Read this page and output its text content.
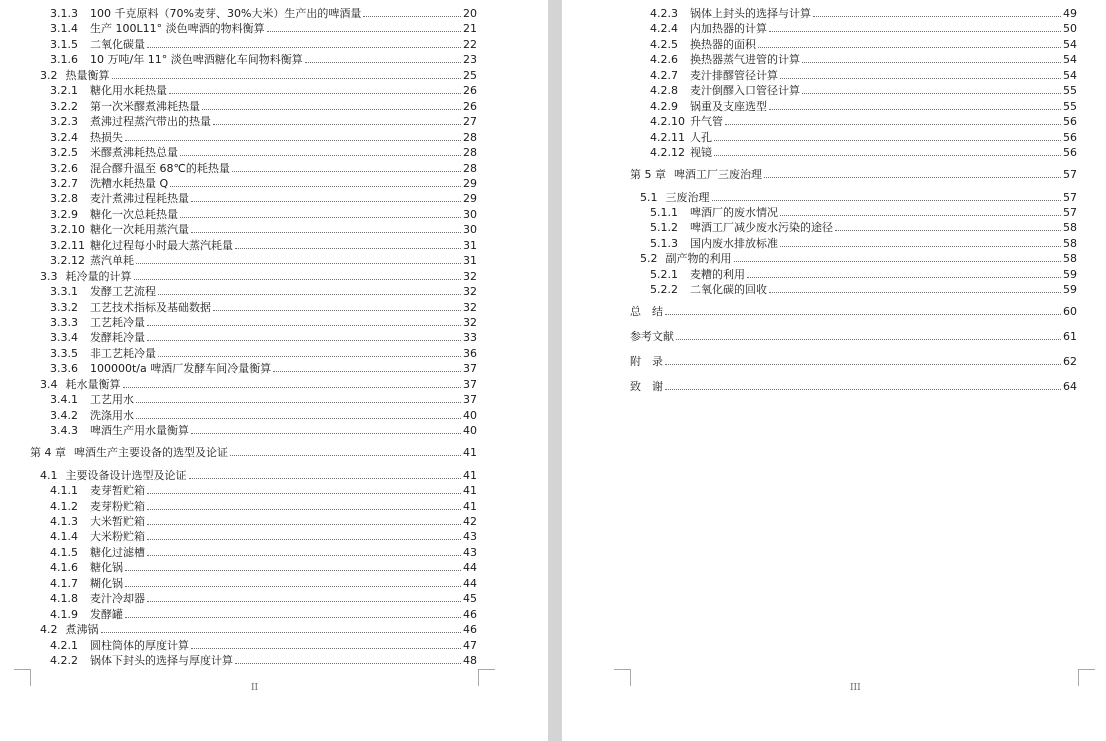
3.1.3	100 千克原料（70%麦芽、30%大米）生产出的啤酒量	20
3.1.4	生产 100L11° 淡色啤酒的物料衡算	21
3.1.5	二氧化碳量	22
3.1.6	10 万吨/年 11° 淡色啤酒糖化车间物料衡算	23
3.2 热量衡算	25
3.2.1	糖化用水耗热量	26
3.2.2	第一次米醪煮沸耗热量	26
3.2.3	煮沸过程蒸汽带出的热量	27
3.2.4	热损失	28
3.2.5	米醪煮沸耗热总量	28
3.2.6	混合醪升温至 68℃的耗热量	28
3.2.7	洗糟水耗热量 Q	29
3.2.8	麦汁煮沸过程耗热量	29
3.2.9	糖化一次总耗热量	30
3.2.10 糖化一次耗用蒸汽量	30
3.2.11 糖化过程每小时最大蒸汽耗量	31
3.2.12 蒸汽单耗	31
3.3 耗冷量的计算	32
3.3.1	发酵工艺流程	32
3.3.2	工艺技术指标及基础数据	32
3.3.3	工艺耗冷量	32
3.3.4	发酵耗冷量	33
3.3.5	非工艺耗冷量	36
3.3.6	100000t/a 啤酒厂发酵车间冷量衡算	37
3.4 耗水量衡算	37
3.4.1	工艺用水	37
3.4.2	洗涤用水	40
3.4.3	啤酒生产用水量衡算	40
第 4 章 啤酒生产主要设备的选型及论证	41
4.1 主要设备设计选型及论证	41
4.1.1	麦芽暂贮箱	41
4.1.2	麦芽粉贮箱	41
4.1.3	大米暂贮箱	42
4.1.4	大米粉贮箱	43
4.1.5	糖化过滤槽	43
4.1.6	糖化锅	44
4.1.7	糊化锅	44
4.1.8	麦汁冷却器	45
4.1.9	发酵罐	46
4.2 煮沸锅	46
4.2.1	圆柱筒体的厚度计算	47
4.2.2	锅体下封头的选择与厚度计算	48
II
4.2.3	锅体上封头的选择与计算	49
4.2.4	内加热器的计算	50
4.2.5	换热器的面积	54
4.2.6	换热器蒸气进管的计算	54
4.2.7	麦汁排醪管径计算	54
4.2.8	麦汁倒醪入口管径计算	55
4.2.9	锅重及支座选型	55
4.2.10 升气管	56
4.2.11 人孔	56
4.2.12 视镜	56
第 5 章 啤酒工厂三废治理	57
5.1 三废治理	57
5.1.1	啤酒厂的废水情况	57
5.1.2	啤酒工厂减少废水污染的途径	58
5.1.3	国内废水排放标准	58
5.2 副产物的利用	58
5.2.1	麦糟的利用	59
5.2.2	二氧化碳的回收	59
总　结	60
参考文献	61
附　录	62
致　谢	64
III
